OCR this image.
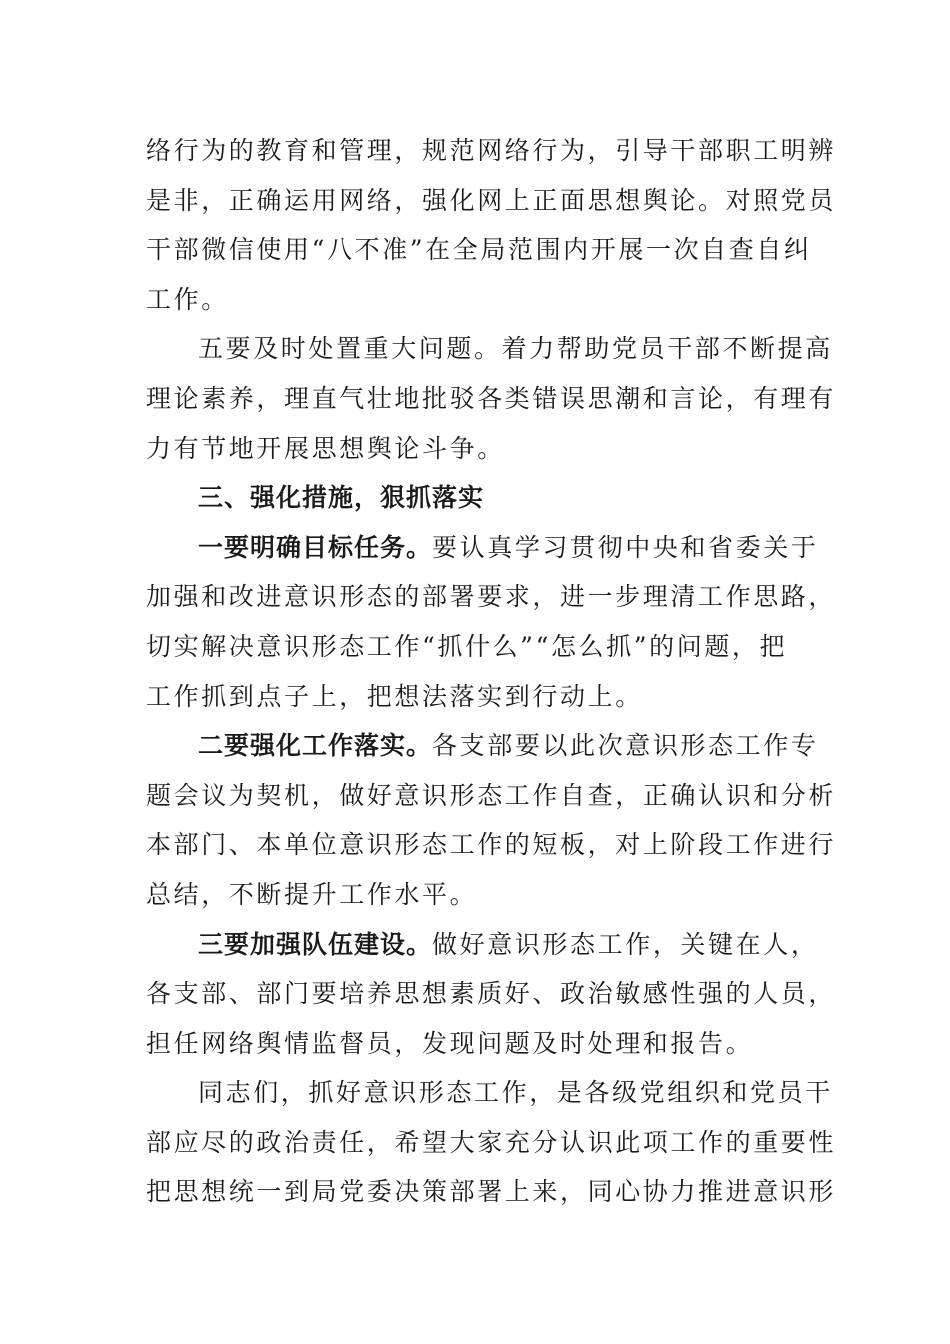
络行为的教育和管理，规范网络行为，引导干部职工明辨
是非，正确运用网络，强化网上正面思想舆论。对照党员
干部微信使用“八不准”在全局范围内开展一次自查自纠
工作。
五要及时处置重大问题。着力帮助党员干部不断提高
理论素养，理直气壮地批驳各类错误思潮和言论，有理有
力有节地开展思想舆论斗争。
三、强化措施，狠抓落实
一要明确目标任务。要认真学习贯彻中央和省委关于
加强和改进意识形态的部署要求，进一步理清工作思路，
切实解决意识形态工作“抓什么”“怎么抓”的问题，把
工作抓到点子上，把想法落实到行动上。
二要强化工作落实。各支部要以此次意识形态工作专
题会议为契机，做好意识形态工作自查，正确认识和分析
本部门、本单位意识形态工作的短板，对上阶段工作进行
总结，不断提升工作水平。
三要加强队伍建设。做好意识形态工作，关键在人，
各支部、部门要培养思想素质好、政治敏感性强的人员，
担任网络舆情监督员，发现问题及时处理和报告。
同志们，抓好意识形态工作，是各级党组织和党员干
部应尽的政治责任，希望大家充分认识此项工作的重要性
把思想统一到局党委决策部署上来，同心协力推进意识形
